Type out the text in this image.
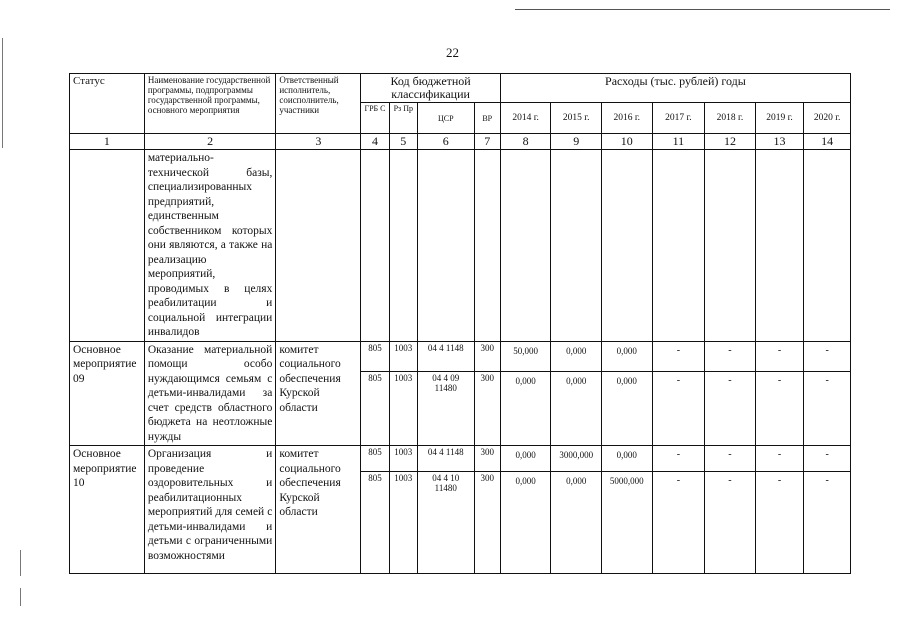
22
Статус	Наименование государственной программы, подпрограммы государственной программы, основного мероприятия	Ответственный исполнитель, соисполнитель, участники	Код бюджетной классификации				Расходы (тыс. рублей) годы						
			ГРБ С	Рз Пр	ЦСР	ВР	2014 г.	2015 г.	2016 г.	2017 г.	2018 г.	2019 г.	2020 г.
1	2	3	4	5	6	7	8	9	10	11	12	13	14
	материально-технической базы, специализированных предприятий, единственным собственником которых они являются, а также на реализацию мероприятий, проводимых в целях реабилитации и социальной интеграции инвалидов												
Основное мероприятие 09	Оказание материальной помощи особо нуждающимся семьям с детьми-инвалидами за счет средств областного бюджета на неотложные нужды	комитет социального обеспечения Курской области	805	1003	04 4 1148	300	50,000	0,000	0,000	-	-	-	-
			805	1003	04 4 09 11480	300	0,000	0,000	0,000	-	-	-	-
Основное мероприятие 10	Организация и проведение оздоровительных и реабилитационных мероприятий для семей с детьми-инвалидами и детьми с ограниченными возможностями	комитет социального обеспечения Курской области	805	1003	04 4 1148	300	0,000	3000,000	0,000	-	-	-	-
			805	1003	04 4 10 11480	300	0,000	0,000	5000,000	-	-	-	-
